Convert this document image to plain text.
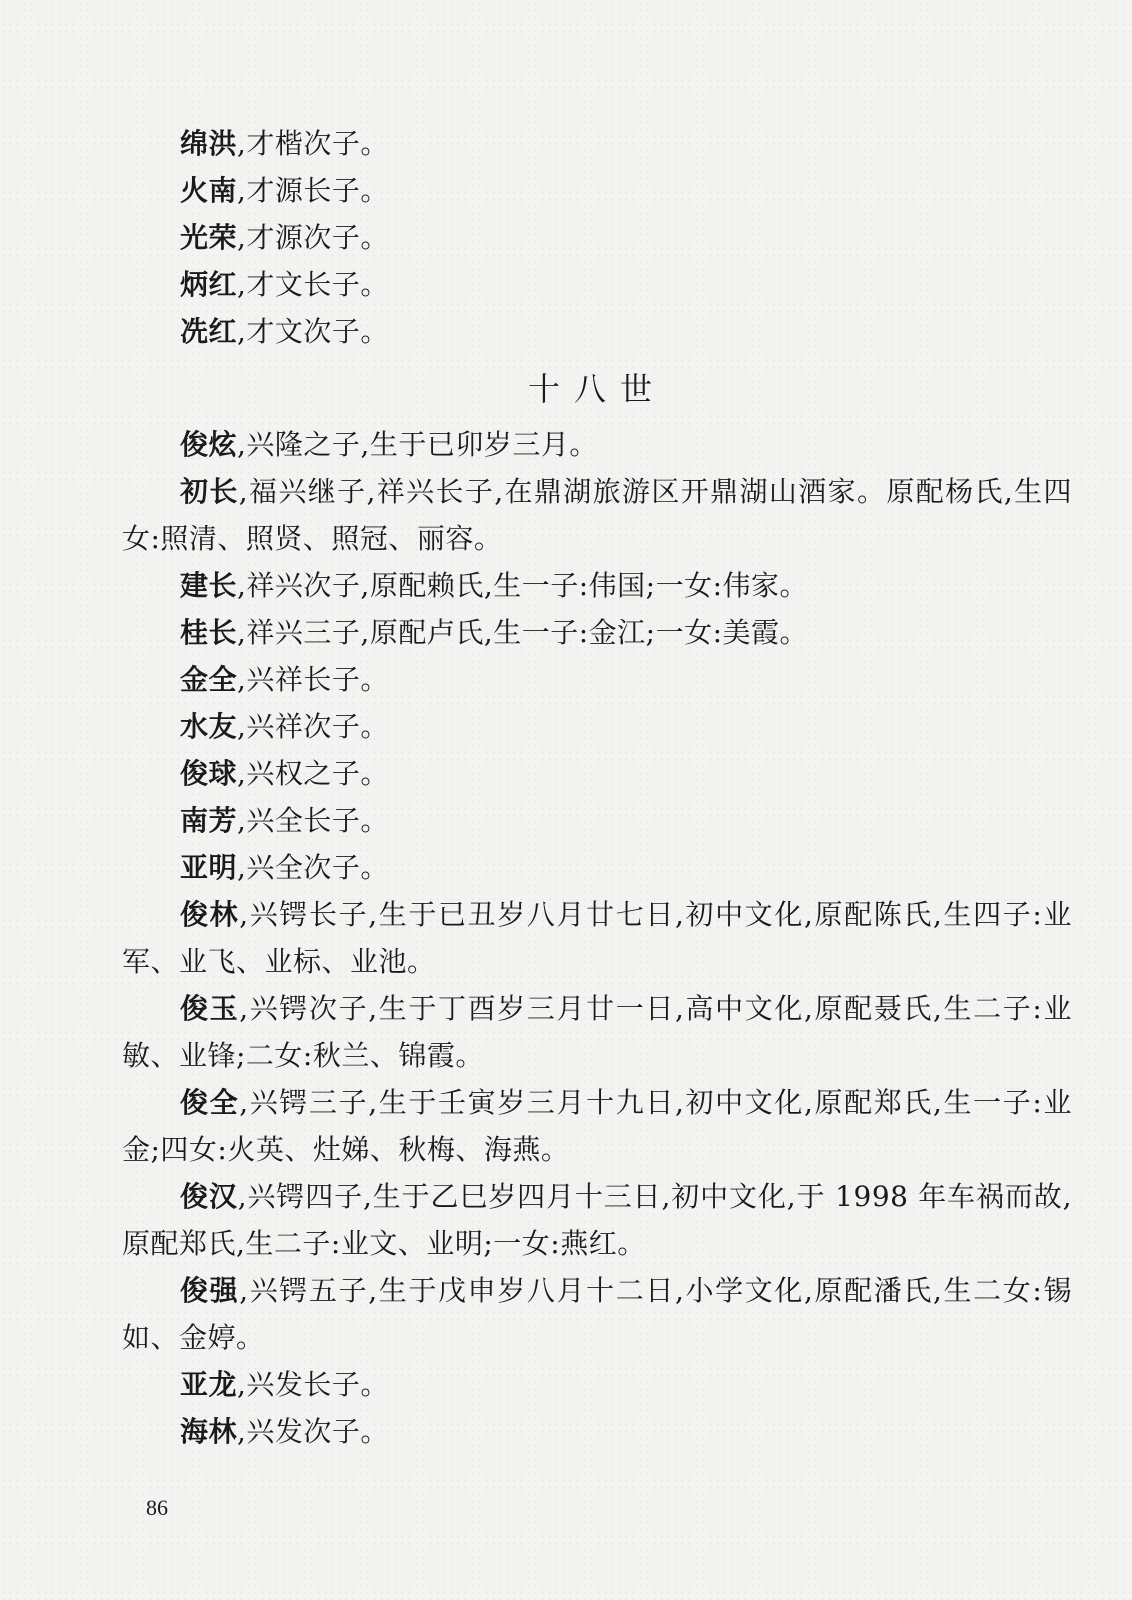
绵洪,才楷次子。

火南,才源长子。

光荣,才源次子。

炳红,才文长子。

冼红,才文次子。

十八世

俊炫,兴隆之子,生于已卯岁三月。

初长,福兴继子,祥兴长子,在鼎湖旅游区开鼎湖山酒家。原配杨氏,生四女:照清、照贤、照冠、丽容。

建长,祥兴次子,原配赖氏,生一子:伟国;一女:伟家。

桂长,祥兴三子,原配卢氏,生一子:金江;一女:美霞。

金全,兴祥长子。

水友,兴祥次子。

俊球,兴权之子。

南芳,兴全长子。

亚明,兴全次子。

俊林,兴锷长子,生于已丑岁八月廿七日,初中文化,原配陈氏,生四子:业军、业飞、业标、业池。

俊玉,兴锷次子,生于丁酉岁三月廿一日,高中文化,原配聂氏,生二子:业敏、业锋;二女:秋兰、锦霞。

俊全,兴锷三子,生于壬寅岁三月十九日,初中文化,原配郑氏,生一子:业金;四女:火英、灶娣、秋梅、海燕。

俊汉,兴锷四子,生于乙巳岁四月十三日,初中文化,于 1998 年车祸而故,原配郑氏,生二子:业文、业明;一女:燕红。

俊强,兴锷五子,生于戊申岁八月十二日,小学文化,原配潘氏,生二女:锡如、金婷。

亚龙,兴发长子。

海林,兴发次子。

86
